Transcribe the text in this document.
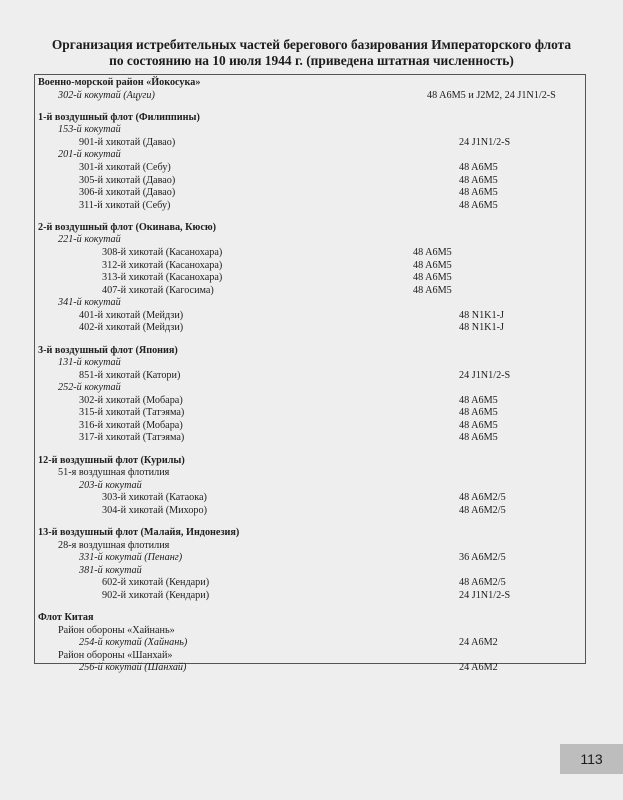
Организация истребительных частей берегового базирования Императорского флота
по состоянию на 10 июля 1944 г. (приведена штатная численность)
Военно-морской район «Йокосука»
302-й кокутай (Ацуги)	48 A6M5 и J2M2, 24 J1N1/2-S
1-й воздушный флот (Филиппины)
153-й кокутай
901-й хикотай (Давао)	24 J1N1/2-S
201-й кокутай
301-й хикотай (Себу)	48 A6M5
305-й хикотай (Давао)	48 A6M5
306-й хикотай (Давао)	48 A6M5
311-й хикотай (Себу)	48 A6M5
2-й воздушный флот (Окинава, Кюсю)
221-й кокутай
308-й хикотай (Касанохара)	48 A6M5
312-й хикотай (Касанохара)	48 A6M5
313-й хикотай (Касанохара)	48 A6M5
407-й хикотай (Кагосима)	48 A6M5
341-й кокутай
401-й хикотай (Мейдзи)	48 N1K1-J
402-й хикотай (Мейдзи)	48 N1K1-J
3-й воздушный флот (Япония)
131-й кокутай
851-й хикотай (Катори)	24 J1N1/2-S
252-й кокутай
302-й хикотай (Мобара)	48 A6M5
315-й хикотай (Татэяма)	48 A6M5
316-й хикотай (Мобара)	48 A6M5
317-й хикотай (Татэяма)	48 A6M5
12-й воздушный флот (Курилы)
51-я воздушная флотилия
203-й кокутай
303-й хикотай (Катаока)	48 A6M2/5
304-й хикотай (Михоро)	48 A6M2/5
13-й воздушный флот (Малайя, Индонезия)
28-я воздушная флотилия
331-й кокутай (Пенанг)	36 A6M2/5
381-й кокутай
602-й хикотай (Кендари)	48 A6M2/5
902-й хикотай (Кендари)	24 J1N1/2-S
Флот Китая
Район обороны «Хайнань»
254-й кокутай (Хайнань)	24 A6M2
Район обороны «Шанхай»
256-й кокутай (Шанхай)	24 A6M2
113
